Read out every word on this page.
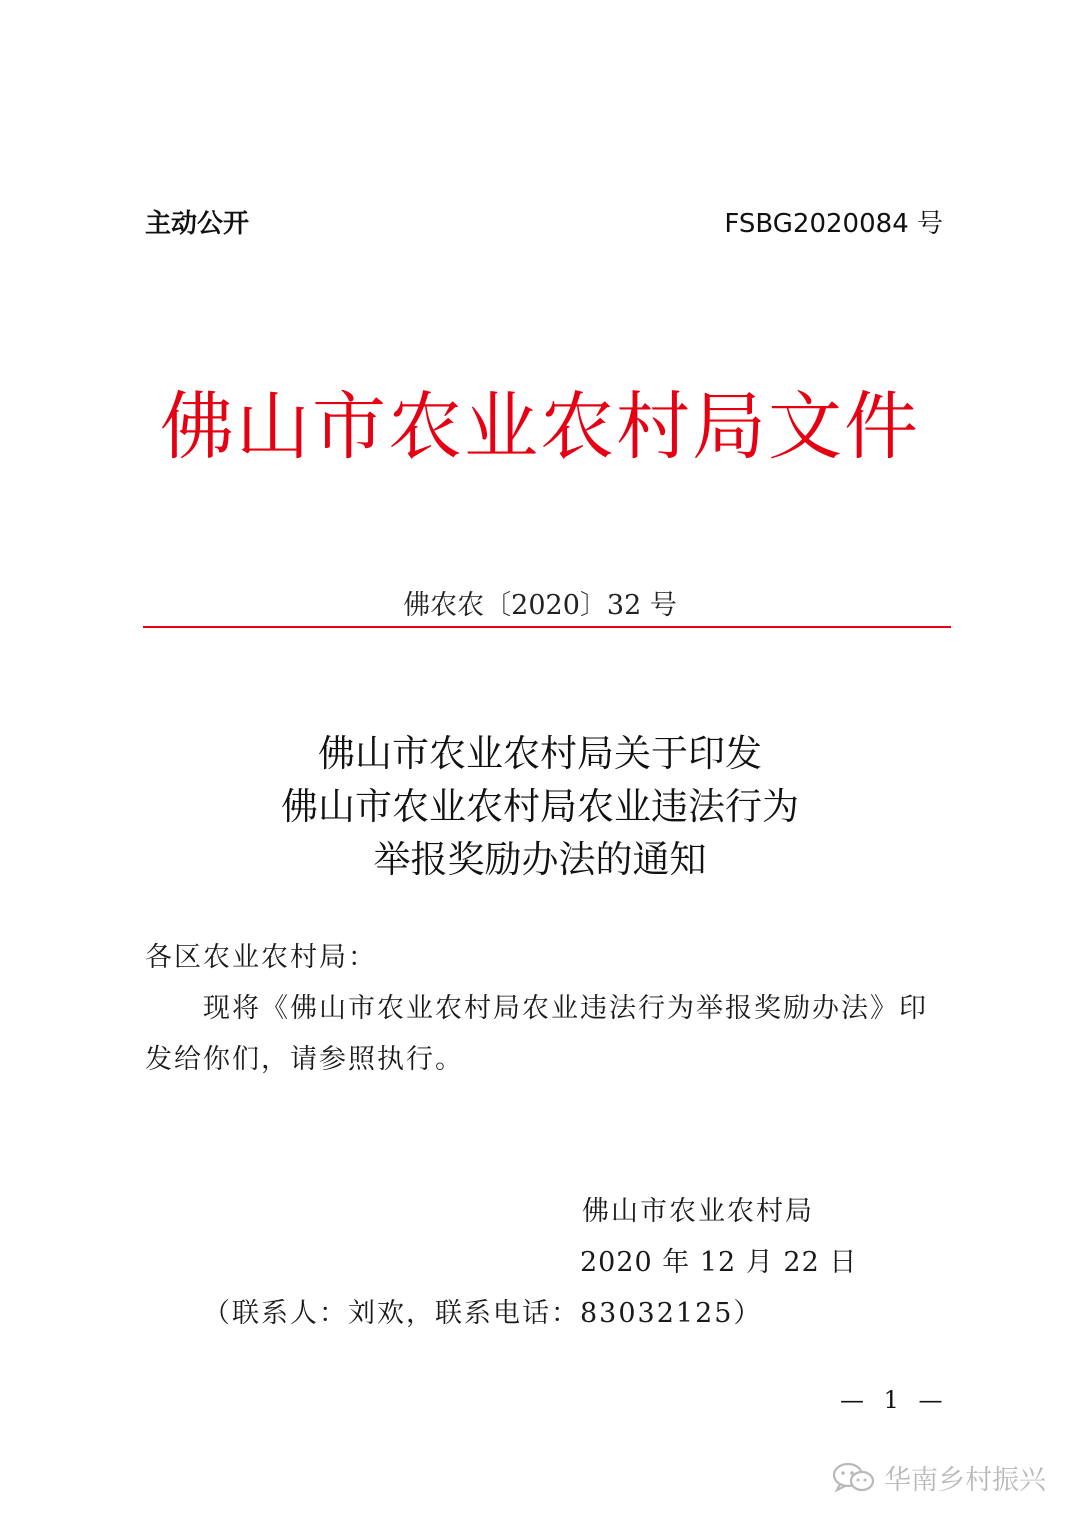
主动公开	FSBG2020084 号
佛山市农业农村局文件
佛农农〔2020〕32 号
佛山市农业农村局关于印发
佛山市农业农村局农业违法行为
举报奖励办法的通知
各区农业农村局：
现将《佛山市农业农村局农业违法行为举报奖励办法》印
发给你们，请参照执行。
佛山市农业农村局
2020 年 12 月 22 日
（联系人：刘欢，联系电话：83032125）
— 1 —
华南乡村振兴
